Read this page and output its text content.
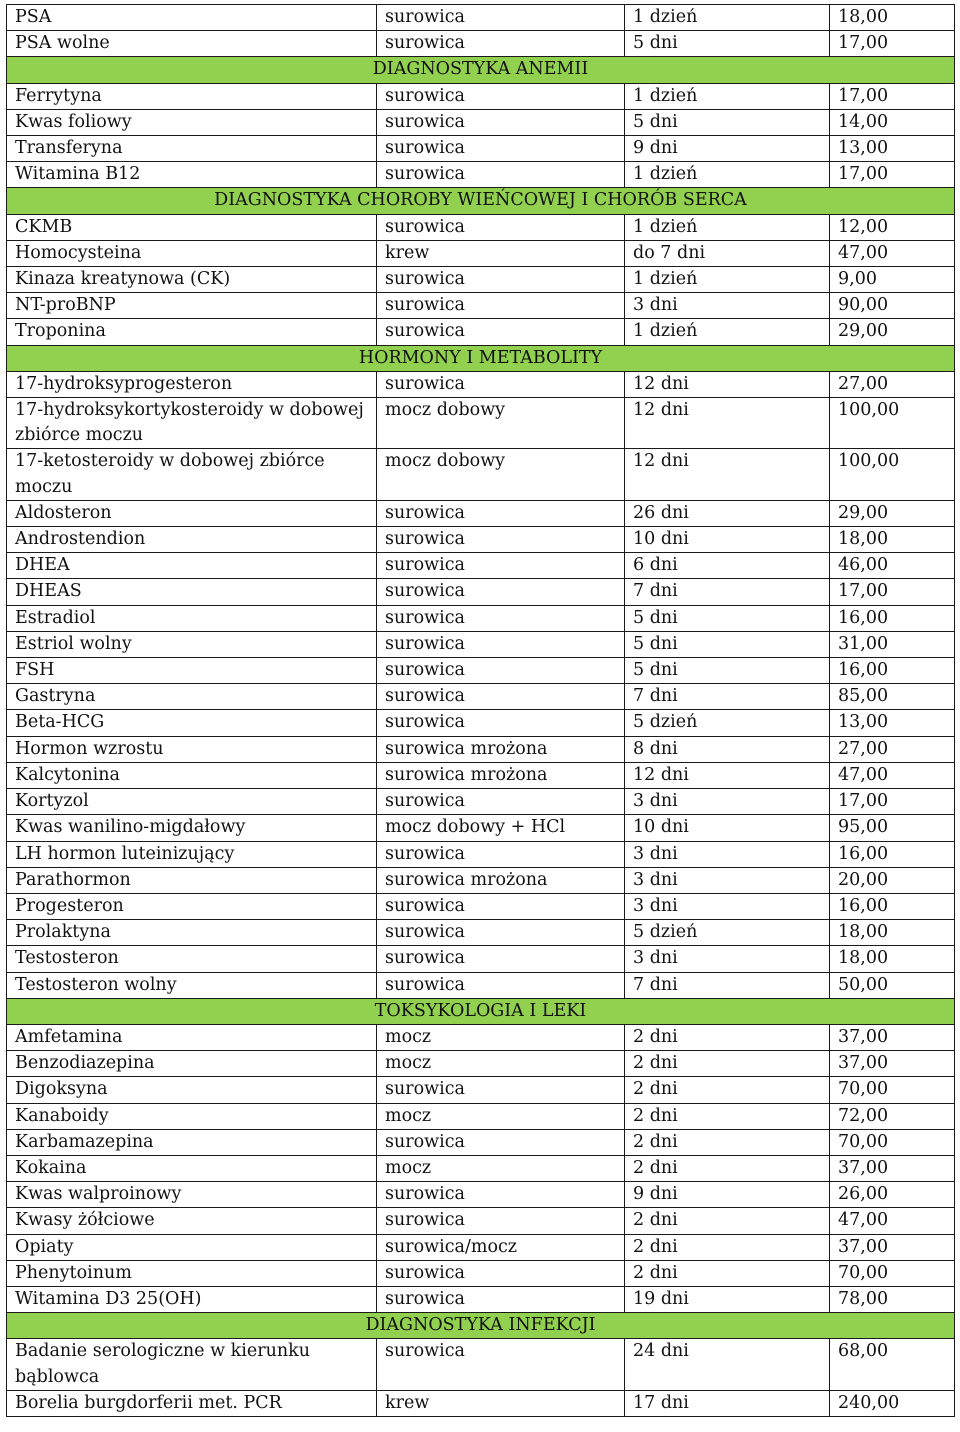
PSA	surowica	1 dzień	18,00
PSA wolne	surowica	5 dni	17,00
DIAGNOSTYKA ANEMII			
Ferrytyna	surowica	1 dzień	17,00
Kwas foliowy	surowica	5 dni	14,00
Transferyna	surowica	9 dni	13,00
Witamina B12	surowica	1 dzień	17,00
DIAGNOSTYKA CHOROBY WIEŃCOWEJ I CHORÓB SERCA			
CKMB	surowica	1 dzień	12,00
Homocysteina	krew	do 7 dni	47,00
Kinaza kreatynowa (CK)	surowica	1 dzień	9,00
NT-proBNP	surowica	3 dni	90,00
Troponina	surowica	1 dzień	29,00
HORMONY I METABOLITY			
17-hydroksyprogesteron	surowica	12 dni	27,00
17-hydroksykortykosteroidy w dobowej zbiórce moczu	mocz dobowy	12 dni	100,00
17-ketosteroidy w dobowej zbiórce moczu	mocz dobowy	12 dni	100,00
Aldosteron	surowica	26 dni	29,00
Androstendion	surowica	10 dni	18,00
DHEA	surowica	6 dni	46,00
DHEAS	surowica	7 dni	17,00
Estradiol	surowica	5 dni	16,00
Estriol wolny	surowica	5 dni	31,00
FSH	surowica	5 dni	16,00
Gastryna	surowica	7 dni	85,00
Beta-HCG	surowica	5 dzień	13,00
Hormon wzrostu	surowica mrożona	8 dni	27,00
Kalcytonina	surowica mrożona	12 dni	47,00
Kortyzol	surowica	3 dni	17,00
Kwas wanilino-migdałowy	mocz dobowy + HCl	10 dni	95,00
LH hormon luteinizujący	surowica	3 dni	16,00
Parathormon	surowica mrożona	3 dni	20,00
Progesteron	surowica	3 dni	16,00
Prolaktyna	surowica	5 dzień	18,00
Testosteron	surowica	3 dni	18,00
Testosteron wolny	surowica	7 dni	50,00
TOKSYKOLOGIA I LEKI			
Amfetamina	mocz	2 dni	37,00
Benzodiazepina	mocz	2 dni	37,00
Digoksyna	surowica	2 dni	70,00
Kanaboidy	mocz	2 dni	72,00
Karbamazepina	surowica	2 dni	70,00
Kokaina	mocz	2 dni	37,00
Kwas walproinowy	surowica	9 dni	26,00
Kwasy żółciowe	surowica	2 dni	47,00
Opiaty	surowica/mocz	2 dni	37,00
Phenytoinum	surowica	2 dni	70,00
Witamina D3 25(OH)	surowica	19 dni	78,00
DIAGNOSTYKA INFEKCJI			
Badanie serologiczne w kierunku bąblowca	surowica	24 dni	68,00
Borelia burgdorferii met. PCR	krew	17 dni	240,00
